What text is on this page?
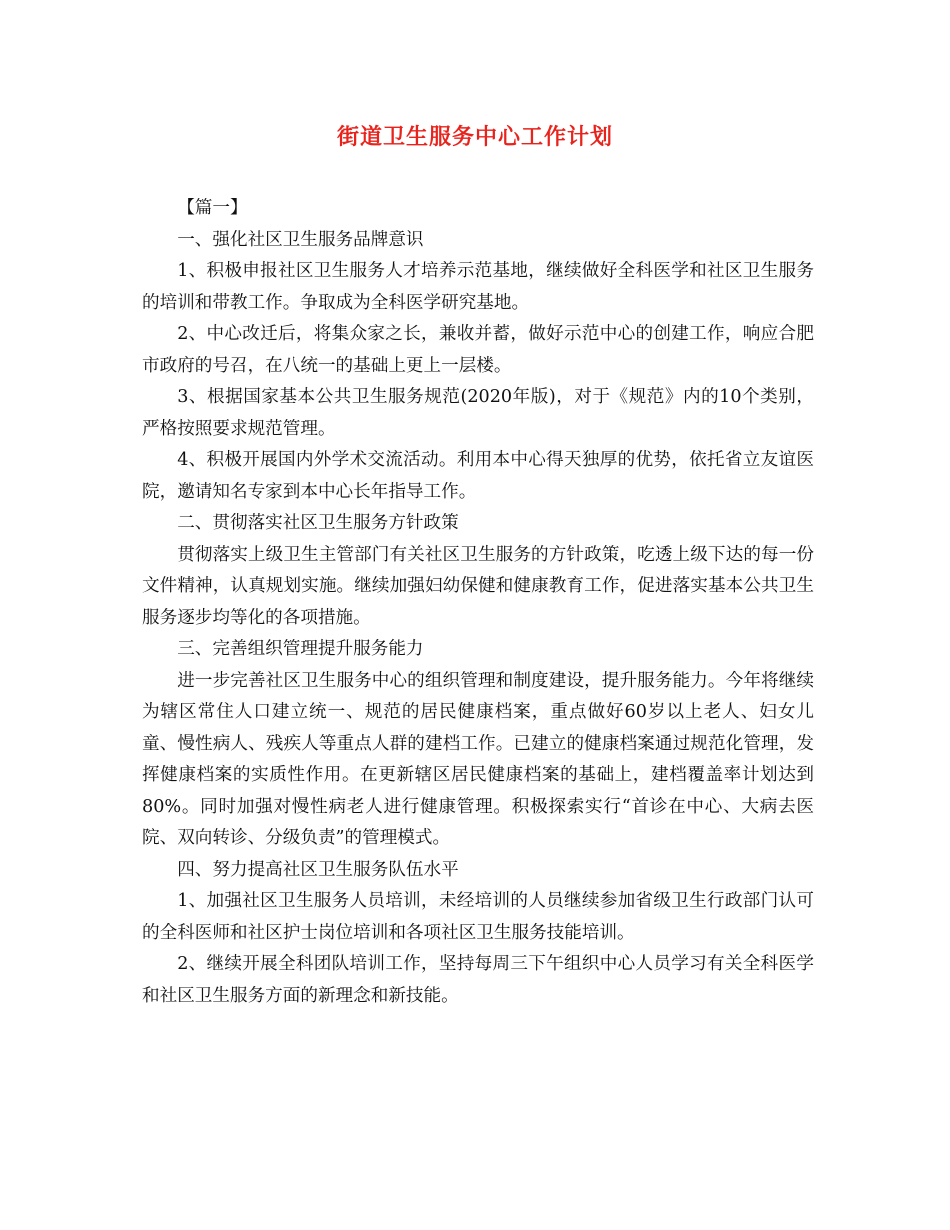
街道卫生服务中心工作计划

【篇一】

一、强化社区卫生服务品牌意识

1、积极申报社区卫生服务人才培养示范基地，继续做好全科医学和社区卫生服务的培训和带教工作。争取成为全科医学研究基地。

2、中心改迁后，将集众家之长，兼收并蓄，做好示范中心的创建工作，响应合肥市政府的号召，在八统一的基础上更上一层楼。

3、根据国家基本公共卫生服务规范(2020年版)，对于《规范》内的10个类别，严格按照要求规范管理。

4、积极开展国内外学术交流活动。利用本中心得天独厚的优势，依托省立友谊医院，邀请知名专家到本中心长年指导工作。

二、贯彻落实社区卫生服务方针政策

贯彻落实上级卫生主管部门有关社区卫生服务的方针政策，吃透上级下达的每一份文件精神，认真规划实施。继续加强妇幼保健和健康教育工作，促进落实基本公共卫生服务逐步均等化的各项措施。

三、完善组织管理提升服务能力

进一步完善社区卫生服务中心的组织管理和制度建设，提升服务能力。今年将继续为辖区常住人口建立统一、规范的居民健康档案，重点做好60岁以上老人、妇女儿童、慢性病人、残疾人等重点人群的建档工作。已建立的健康档案通过规范化管理，发挥健康档案的实质性作用。在更新辖区居民健康档案的基础上，建档覆盖率计划达到80%。同时加强对慢性病老人进行健康管理。积极探索实行“首诊在中心、大病去医院、双向转诊、分级负责”的管理模式。

四、努力提高社区卫生服务队伍水平

1、加强社区卫生服务人员培训，未经培训的人员继续参加省级卫生行政部门认可的全科医师和社区护士岗位培训和各项社区卫生服务技能培训。

2、继续开展全科团队培训工作，坚持每周三下午组织中心人员学习有关全科医学和社区卫生服务方面的新理念和新技能。
